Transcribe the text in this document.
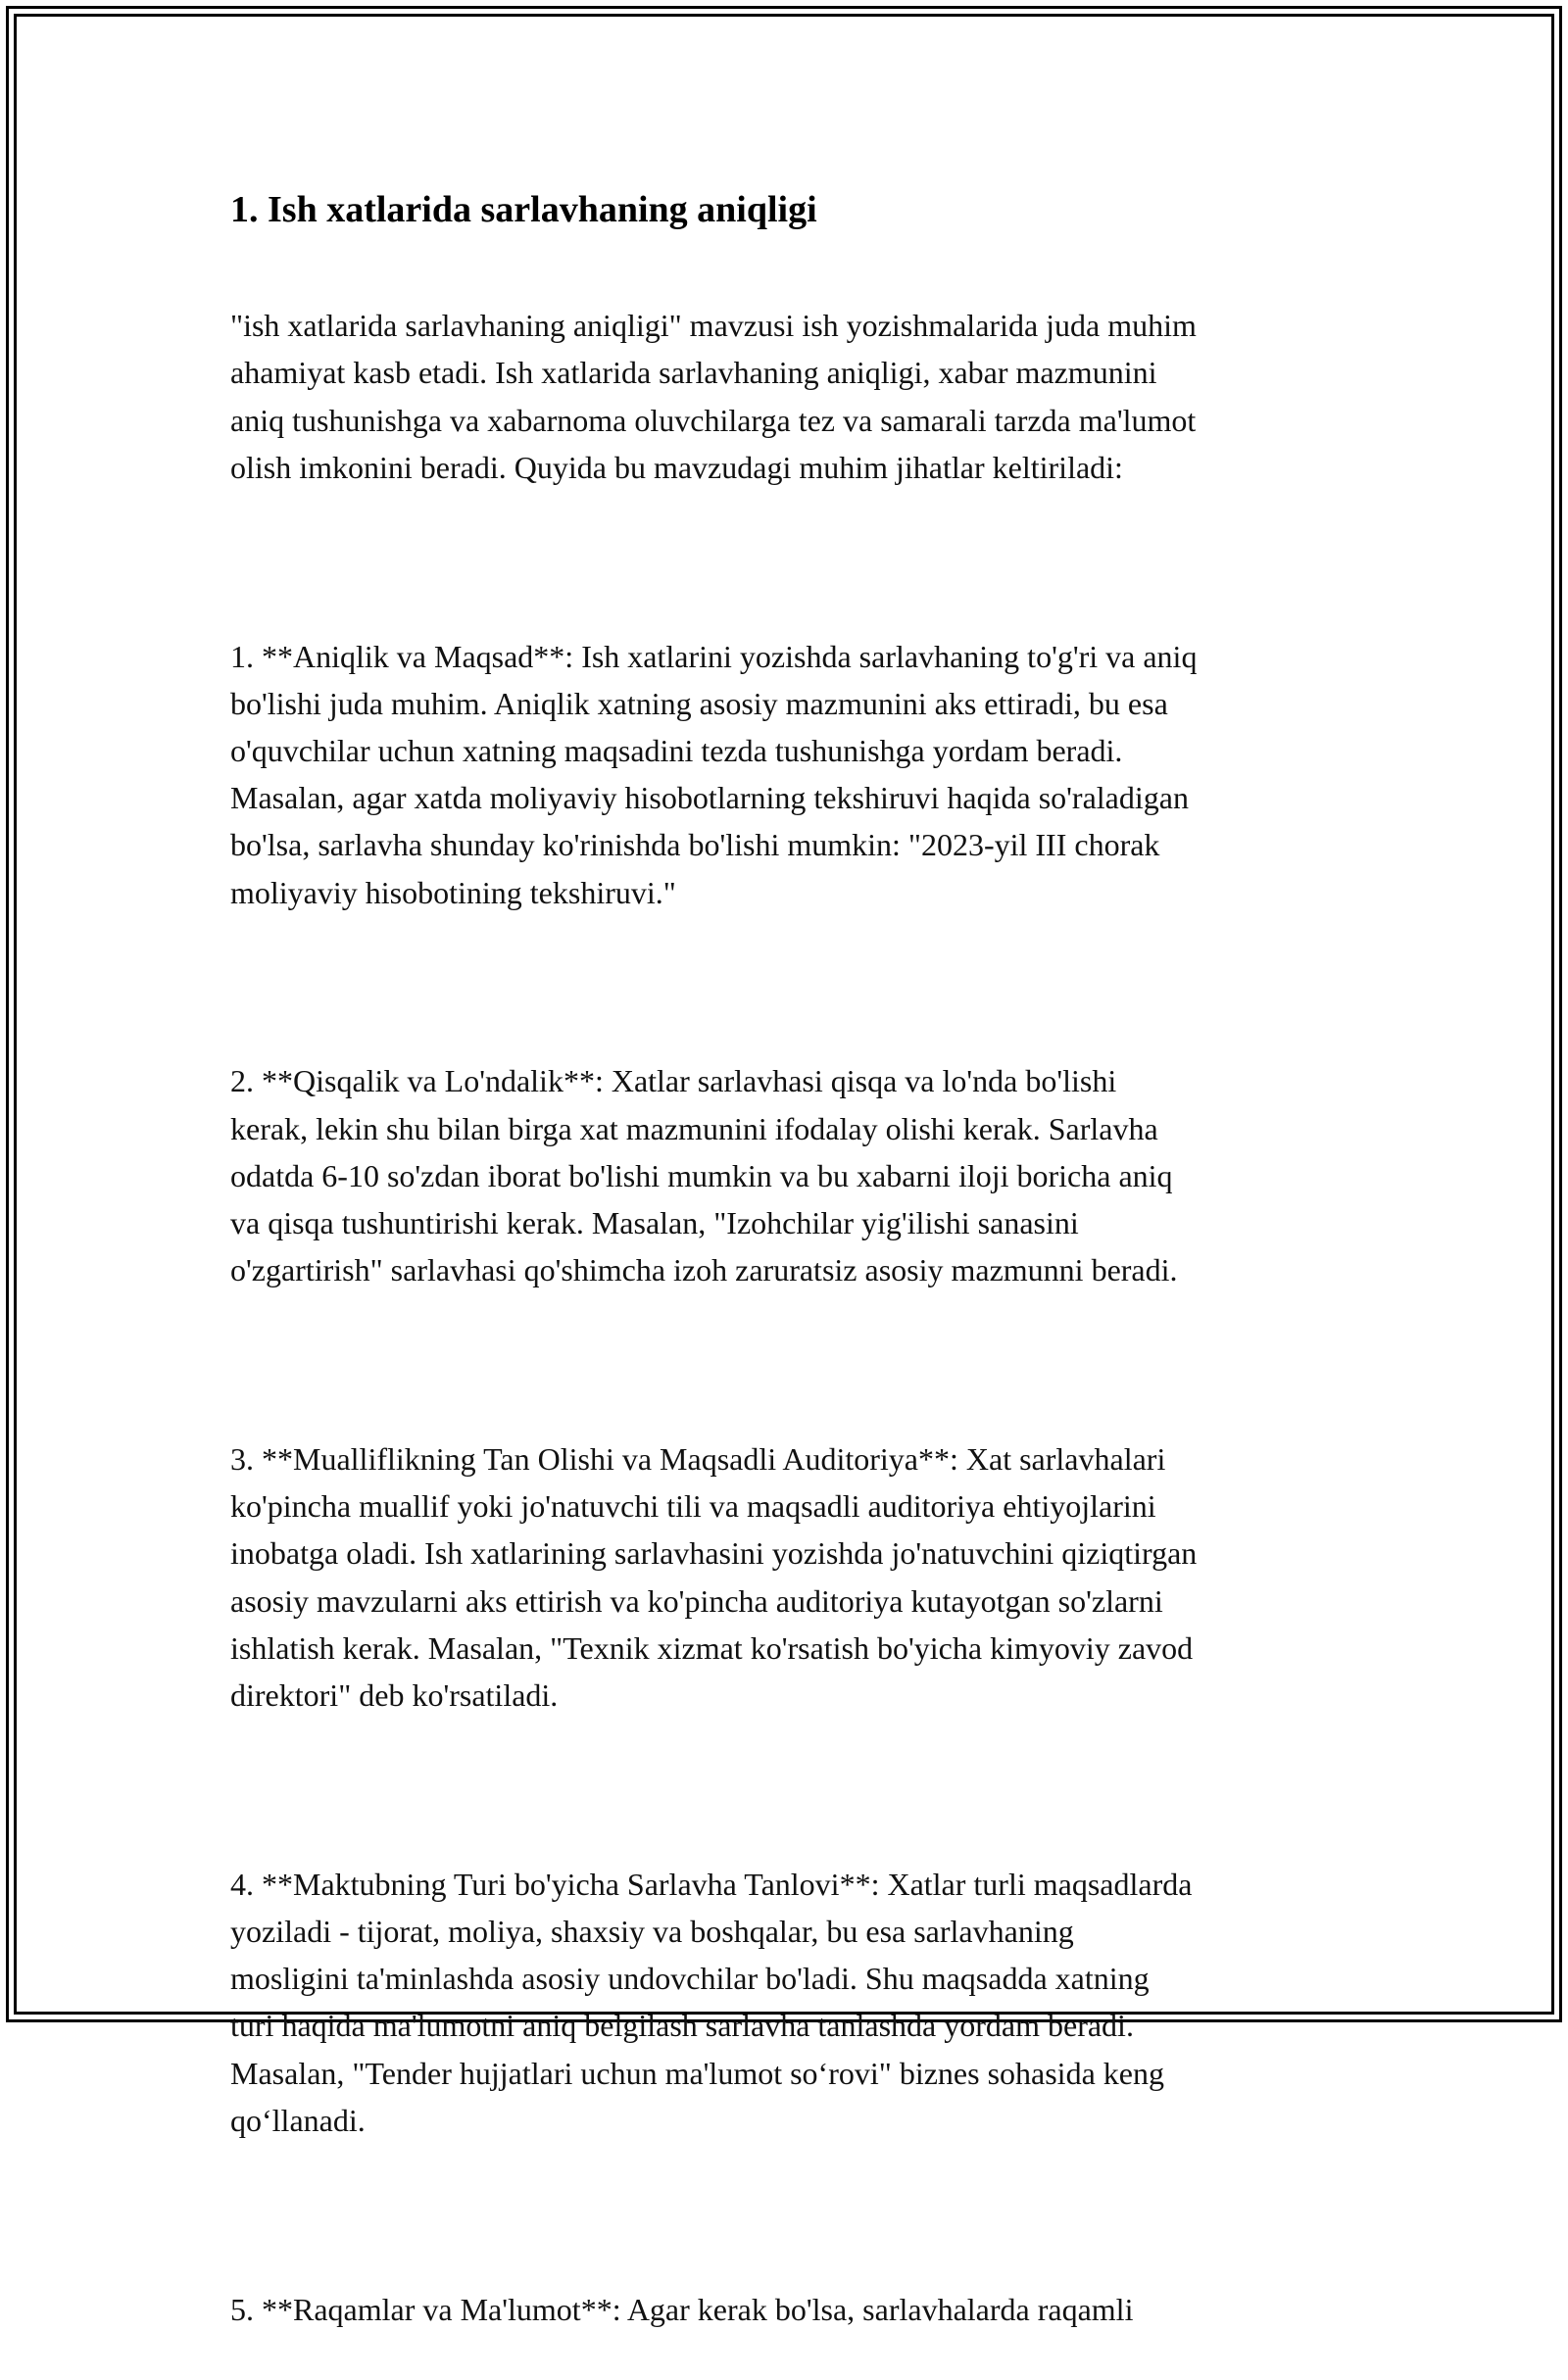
1. Ish xatlarida sarlavhaning aniqligi

"ish xatlarida sarlavhaning aniqligi" mavzusi ish yozishmalarida juda muhim
ahamiyat kasb etadi. Ish xatlarida sarlavhaning aniqligi, xabar mazmunini
aniq tushunishga va xabarnoma oluvchilarga tez va samarali tarzda ma'lumot
olish imkonini beradi. Quyida bu mavzudagi muhim jihatlar keltiriladi:

1. **Aniqlik va Maqsad**: Ish xatlarini yozishda sarlavhaning to'g'ri va aniq
bo'lishi juda muhim. Aniqlik xatning asosiy mazmunini aks ettiradi, bu esa
o'quvchilar uchun xatning maqsadini tezda tushunishga yordam beradi.
Masalan, agar xatda moliyaviy hisobotlarning tekshiruvi haqida so'raladigan
bo'lsa, sarlavha shunday ko'rinishda bo'lishi mumkin: "2023-yil III chorak
moliyaviy hisobotining tekshiruvi."

2. **Qisqalik va Lo'ndalik**: Xatlar sarlavhasi qisqa va lo'nda bo'lishi
kerak, lekin shu bilan birga xat mazmunini ifodalay olishi kerak. Sarlavha
odatda 6-10 so'zdan iborat bo'lishi mumkin va bu xabarni iloji boricha aniq
va qisqa tushuntirishi kerak. Masalan, "Izohchilar yig'ilishi sanasini
o'zgartirish" sarlavhasi qo'shimcha izoh zaruratsiz asosiy mazmunni beradi.

3. **Mualliflikning Tan Olishi va Maqsadli Auditoriya**: Xat sarlavhalari
ko'pincha muallif yoki jo'natuvchi tili va maqsadli auditoriya ehtiyojlarini
inobatga oladi. Ish xatlarining sarlavhasini yozishda jo'natuvchini qiziqtirgan
asosiy mavzularni aks ettirish va ko'pincha auditoriya kutayotgan so'zlarni
ishlatish kerak. Masalan, "Texnik xizmat ko'rsatish bo'yicha kimyoviy zavod
direktori" deb ko'rsatiladi.

4. **Maktubning Turi bo'yicha Sarlavha Tanlovi**: Xatlar turli maqsadlarda
yoziladi - tijorat, moliya, shaxsiy va boshqalar, bu esa sarlavhaning
mosligini ta'minlashda asosiy undovchilar bo'ladi. Shu maqsadda xatning
turi haqida ma'lumotni aniq belgilash sarlavha tanlashda yordam beradi.
Masalan, "Tender hujjatlari uchun ma'lumot so‘rovi" biznes sohasida keng
qo‘llanadi.

5. **Raqamlar va Ma'lumot**: Agar kerak bo'lsa, sarlavhalarda raqamli
